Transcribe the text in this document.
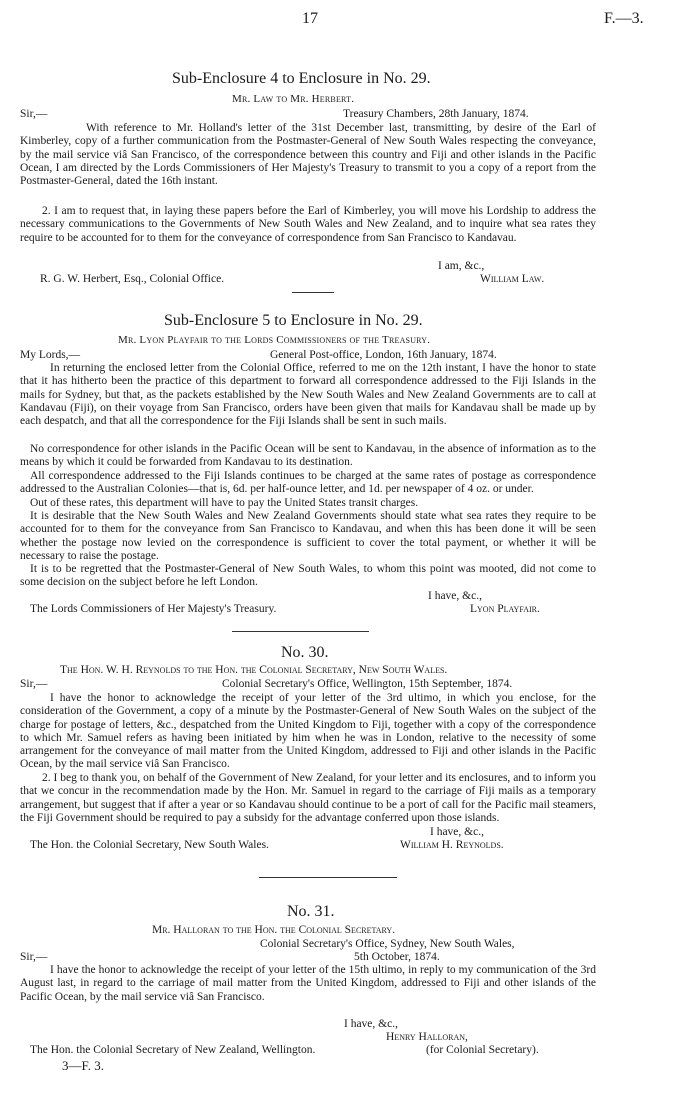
17	F.—3.
Sub-Enclosure 4 to Enclosure in No. 29.
Mr. Law to Mr. Herbert.
Sir,—	Treasury Chambers, 28th January, 1874.
With reference to Mr. Holland's letter of the 31st December last, transmitting, by desire of the Earl of Kimberley, copy of a further communication from the Postmaster-General of New South Wales respecting the conveyance, by the mail service viâ San Francisco, of the correspondence between this country and Fiji and other islands in the Pacific Ocean, I am directed by the Lords Commissioners of Her Majesty's Treasury to transmit to you a copy of a report from the Postmaster-General, dated the 16th instant.
2. I am to request that, in laying these papers before the Earl of Kimberley, you will move his Lordship to address the necessary communications to the Governments of New South Wales and New Zealand, and to inquire what sea rates they require to be accounted for to them for the conveyance of correspondence from San Francisco to Kandavau.
I am, &c.,
R. G. W. Herbert, Esq., Colonial Office.	William Law.
Sub-Enclosure 5 to Enclosure in No. 29.
Mr. Lyon Playfair to the Lords Commissioners of the Treasury.
My Lords,—	General Post-office, London, 16th January, 1874.
In returning the enclosed letter from the Colonial Office, referred to me on the 12th instant, I have the honor to state that it has hitherto been the practice of this department to forward all correspondence addressed to the Fiji Islands in the mails for Sydney, but that, as the packets established by the New South Wales and New Zealand Governments are to call at Kandavau (Fiji), on their voyage from San Francisco, orders have been given that mails for Kandavau shall be made up by each despatch, and that all the correspondence for the Fiji Islands shall be sent in such mails.
No correspondence for other islands in the Pacific Ocean will be sent to Kandavau, in the absence of information as to the means by which it could be forwarded from Kandavau to its destination.
All correspondence addressed to the Fiji Islands continues to be charged at the same rates of postage as correspondence addressed to the Australian Colonies—that is, 6d. per half-ounce letter, and 1d. per newspaper of 4 oz. or under.
Out of these rates, this department will have to pay the United States transit charges.
It is desirable that the New South Wales and New Zealand Governments should state what sea rates they require to be accounted for to them for the conveyance from San Francisco to Kandavau, and when this has been done it will be seen whether the postage now levied on the correspondence is sufficient to cover the total payment, or whether it will be necessary to raise the postage.
It is to be regretted that the Postmaster-General of New South Wales, to whom this point was mooted, did not come to some decision on the subject before he left London.
I have, &c.,
The Lords Commissioners of Her Majesty's Treasury.	Lyon Playfair.
No. 30.
The Hon. W. H. Reynolds to the Hon. the Colonial Secretary, New South Wales.
Sir,—	Colonial Secretary's Office, Wellington, 15th September, 1874.
I have the honor to acknowledge the receipt of your letter of the 3rd ultimo, in which you enclose, for the consideration of the Government, a copy of a minute by the Postmaster-General of New South Wales on the subject of the charge for postage of letters, &c., despatched from the United Kingdom to Fiji, together with a copy of the correspondence to which Mr. Samuel refers as having been initiated by him when he was in London, relative to the necessity of some arrangement for the conveyance of mail matter from the United Kingdom, addressed to Fiji and other islands in the Pacific Ocean, by the mail service viâ San Francisco.
2. I beg to thank you, on behalf of the Government of New Zealand, for your letter and its enclosures, and to inform you that we concur in the recommendation made by the Hon. Mr. Samuel in regard to the carriage of Fiji mails as a temporary arrangement, but suggest that if after a year or so Kandavau should continue to be a port of call for the Pacific mail steamers, the Fiji Government should be required to pay a subsidy for the advantage conferred upon those islands.
I have, &c.,
The Hon. the Colonial Secretary, New South Wales.	William H. Reynolds.
No. 31.
Mr. Halloran to the Hon. the Colonial Secretary.
Colonial Secretary's Office, Sydney, New South Wales,
Sir,—	5th October, 1874.
I have the honor to acknowledge the receipt of your letter of the 15th ultimo, in reply to my communication of the 3rd August last, in regard to the carriage of mail matter from the United Kingdom, addressed to Fiji and other islands of the Pacific Ocean, by the mail service viâ San Francisco.
I have, &c.,
Henry Halloran,
The Hon. the Colonial Secretary of New Zealand, Wellington.	(for Colonial Secretary).
3—F. 3.
